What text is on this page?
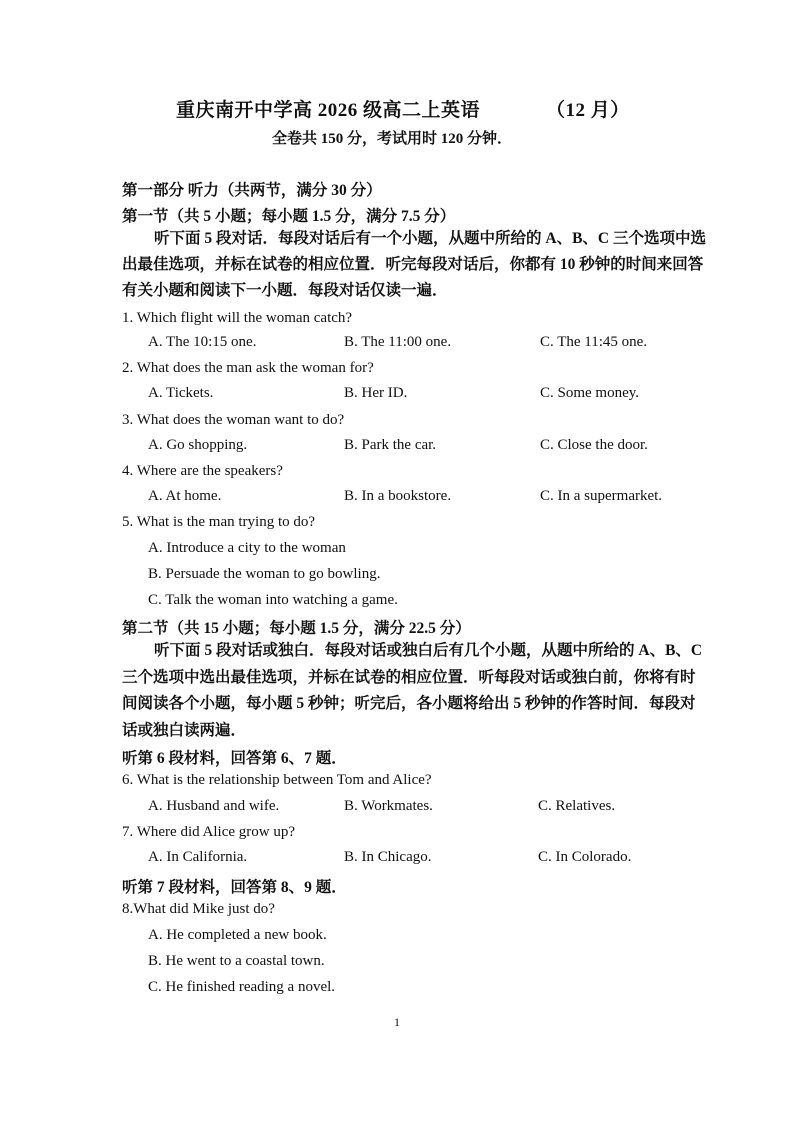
重庆南开中学高 2026 级高二上英语	（12 月）
全卷共 150 分，考试用时 120 分钟．
第一部分 听力（共两节，满分 30 分）
第一节（共 5 小题；每小题 1.5 分，满分 7.5 分）
听下面 5 段对话．每段对话后有一个小题，从题中所给的 A、B、C 三个选项中选出最佳选项，并标在试卷的相应位置．听完每段对话后，你都有 10 秒钟的时间来回答有关小题和阅读下一小题．每段对话仅读一遍．
1. Which flight will the woman catch?
A. The 10:15 one.	B. The 11:00 one.	C. The 11:45 one.
2. What does the man ask the woman for?
A. Tickets.	B. Her ID.	C. Some money.
3. What does the woman want to do?
A. Go shopping.	B. Park the car.	C. Close the door.
4. Where are the speakers?
A. At home.	B. In a bookstore.	C. In a supermarket.
5. What is the man trying to do?
A. Introduce a city to the woman
B. Persuade the woman to go bowling.
C. Talk the woman into watching a game.
第二节（共 15 小题；每小题 1.5 分，满分 22.5 分）
听下面 5 段对话或独白．每段对话或独白后有几个小题，从题中所给的 A、B、C 三个选项中选出最佳选项，并标在试卷的相应位置．听每段对话或独白前，你将有时间阅读各个小题，每小题 5 秒钟；听完后，各小题将给出 5 秒钟的作答时间．每段对话或独白读两遍．
听第 6 段材料，回答第 6、7 题．
6. What is the relationship between Tom and Alice?
A. Husband and wife.	B. Workmates.	C. Relatives.
7. Where did Alice grow up?
A. In California.	B. In Chicago.	C. In Colorado.
听第 7 段材料，回答第 8、9 题．
8.What did Mike just do?
A. He completed a new book.
B. He went to a coastal town.
C. He finished reading a novel.
1
